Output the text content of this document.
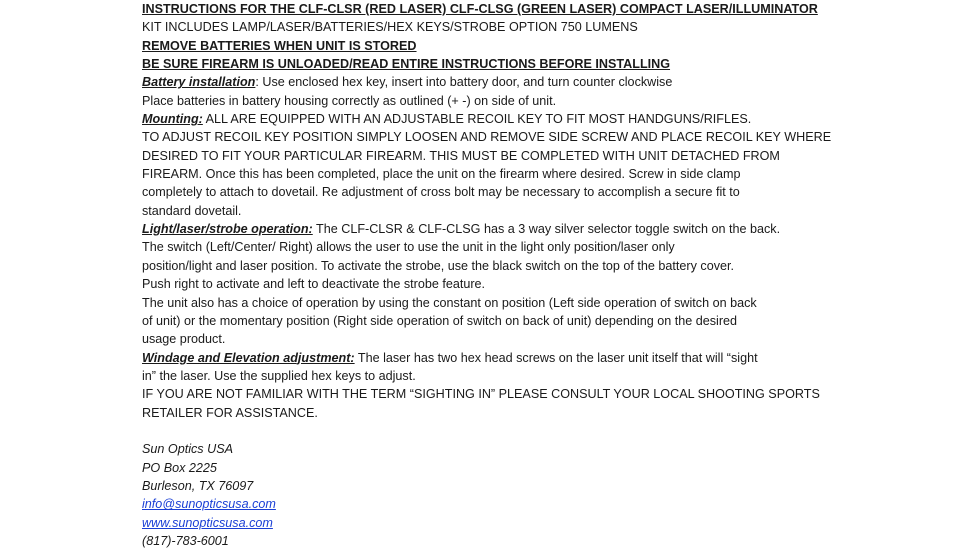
INSTRUCTIONS FOR THE CLF-CLSR (RED LASER) CLF-CLSG (GREEN LASER) COMPACT LASER/ILLUMINATOR
KIT INCLUDES LAMP/LASER/BATTERIES/HEX KEYS/STROBE OPTION 750 LUMENS
REMOVE BATTERIES WHEN UNIT IS STORED
BE SURE FIREARM IS UNLOADED/READ ENTIRE INSTRUCTIONS BEFORE INSTALLING
Battery installation: Use enclosed hex key, insert into battery door, and turn counter clockwise
Place batteries in battery housing correctly as outlined (+ -) on side of unit.
Mounting: ALL ARE EQUIPPED WITH AN ADJUSTABLE RECOIL KEY TO FIT MOST HANDGUNS/RIFLES.
TO ADJUST RECOIL KEY POSITION SIMPLY LOOSEN AND REMOVE SIDE SCREW AND PLACE RECOIL KEY WHERE
DESIRED TO FIT YOUR PARTICULAR FIREARM. THIS MUST BE COMPLETED WITH UNIT DETACHED FROM
FIREARM. Once this has been completed, place the unit on the firearm where desired. Screw in side clamp
completely to attach to dovetail. Re adjustment of cross bolt may be necessary to accomplish a secure fit to
standard dovetail.
Light/laser/strobe operation: The CLF-CLSR & CLF-CLSG has a 3 way silver selector toggle switch on the back.
The switch (Left/Center/ Right) allows the user to use the unit in the light only position/laser only
position/light and laser position. To activate the strobe, use the black switch on the top of the battery cover.
Push right to activate and left to deactivate the strobe feature.
The unit also has a choice of operation by using the constant on position (Left side operation of switch on back
of unit) or the momentary position (Right side operation of switch on back of unit) depending on the desired
usage product.
Windage and Elevation adjustment: The laser has two hex head screws on the laser unit itself that will “sight
in” the laser. Use the supplied hex keys to adjust.
IF YOU ARE NOT FAMILIAR WITH THE TERM “SIGHTING IN” PLEASE CONSULT YOUR LOCAL SHOOTING SPORTS
RETAILER FOR ASSISTANCE.
Sun Optics USA
PO Box 2225
Burleson, TX 76097
info@sunopticsusa.com
www.sunopticsusa.com
(817)-783-6001
